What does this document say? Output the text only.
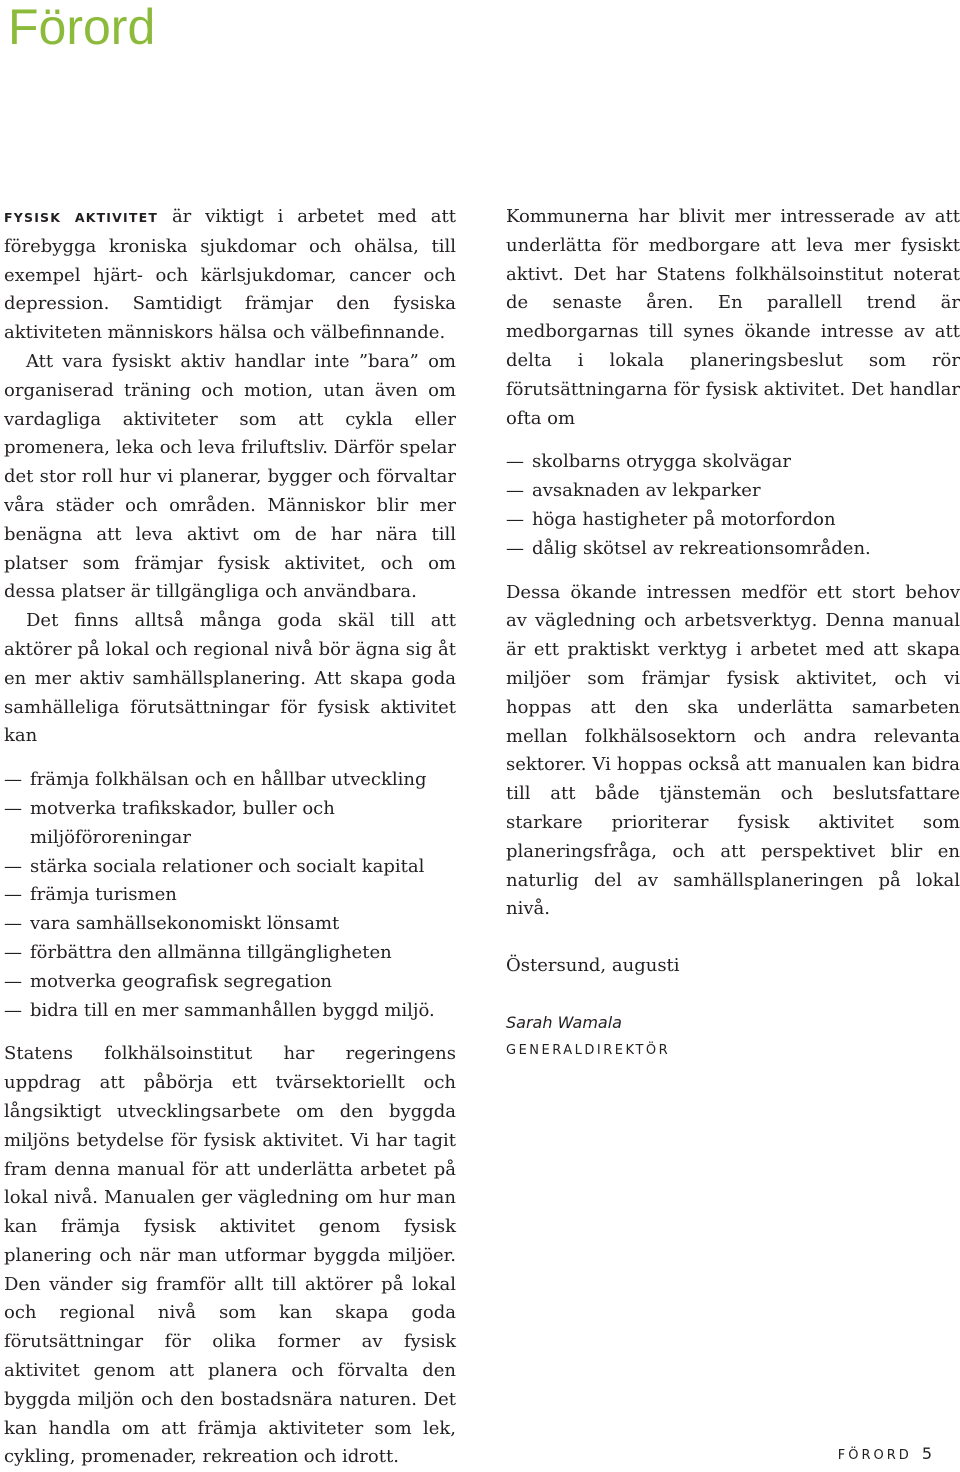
Förord

FYSISK AKTIVITET är viktigt i arbetet med att förebygga kroniska sjukdomar och ohälsa, till exempel hjärt- och kärlsjukdomar, cancer och depression. Samtidigt främjar den fysiska aktiviteten människors hälsa och välbefinnande.

Att vara fysiskt aktiv handlar inte ”bara” om organiserad träning och motion, utan även om vardagliga aktiviteter som att cykla eller promenera, leka och leva friluftsliv. Därför spelar det stor roll hur vi planerar, bygger och förvaltar våra städer och områden. Människor blir mer benägna att leva aktivt om de har nära till platser som främjar fysisk aktivitet, och om dessa platser är tillgängliga och användbara.

Det finns alltså många goda skäl till att aktörer på lokal och regional nivå bör ägna sig åt en mer aktiv samhällsplanering. Att skapa goda samhälleliga förutsättningar för fysisk aktivitet kan

— främja folkhälsan och en hållbar utveckling
— motverka trafikskador, buller och miljöföroreningar
— stärka sociala relationer och socialt kapital
— främja turismen
— vara samhällsekonomiskt lönsamt
— förbättra den allmänna tillgängligheten
— motverka geografisk segregation
— bidra till en mer sammanhållen byggd miljö.

Statens folkhälsoinstitut har regeringens uppdrag att påbörja ett tvärsektoriellt och långsiktigt utvecklingsarbete om den byggda miljöns betydelse för fysisk aktivitet. Vi har tagit fram denna manual för att underlätta arbetet på lokal nivå. Manualen ger vägledning om hur man kan främja fysisk aktivitet genom fysisk planering och när man utformar byggda miljöer. Den vänder sig framför allt till aktörer på lokal och regional nivå som kan skapa goda förutsättningar för olika former av fysisk aktivitet genom att planera och förvalta den byggda miljön och den bostadsnära naturen. Det kan handla om att främja aktiviteter som lek, cykling, promenader, rekreation och idrott.

Kommunerna har blivit mer intresserade av att underlätta för medborgare att leva mer fysiskt aktivt. Det har Statens folkhälsoinstitut noterat de senaste åren. En parallell trend är medborgarnas till synes ökande intresse av att delta i lokala planeringsbeslut som rör förutsättningarna för fysisk aktivitet. Det handlar ofta om

— skolbarns otrygga skolvägar
— avsaknaden av lekparker
— höga hastigheter på motorfordon
— dålig skötsel av rekreationsområden.

Dessa ökande intressen medför ett stort behov av vägledning och arbetsverktyg. Denna manual är ett praktiskt verktyg i arbetet med att skapa miljöer som främjar fysisk aktivitet, och vi hoppas att den ska underlätta samarbeten mellan folkhälsosektorn och andra relevanta sektorer. Vi hoppas också att manualen kan bidra till att både tjänstemän och beslutsfattare starkare prioriterar fysisk aktivitet som planeringsfråga, och att perspektivet blir en naturlig del av samhällsplaneringen på lokal nivå.

Östersund, augusti

Sarah Wamala

GENERALDIREKTÖR

FÖRORD 5
